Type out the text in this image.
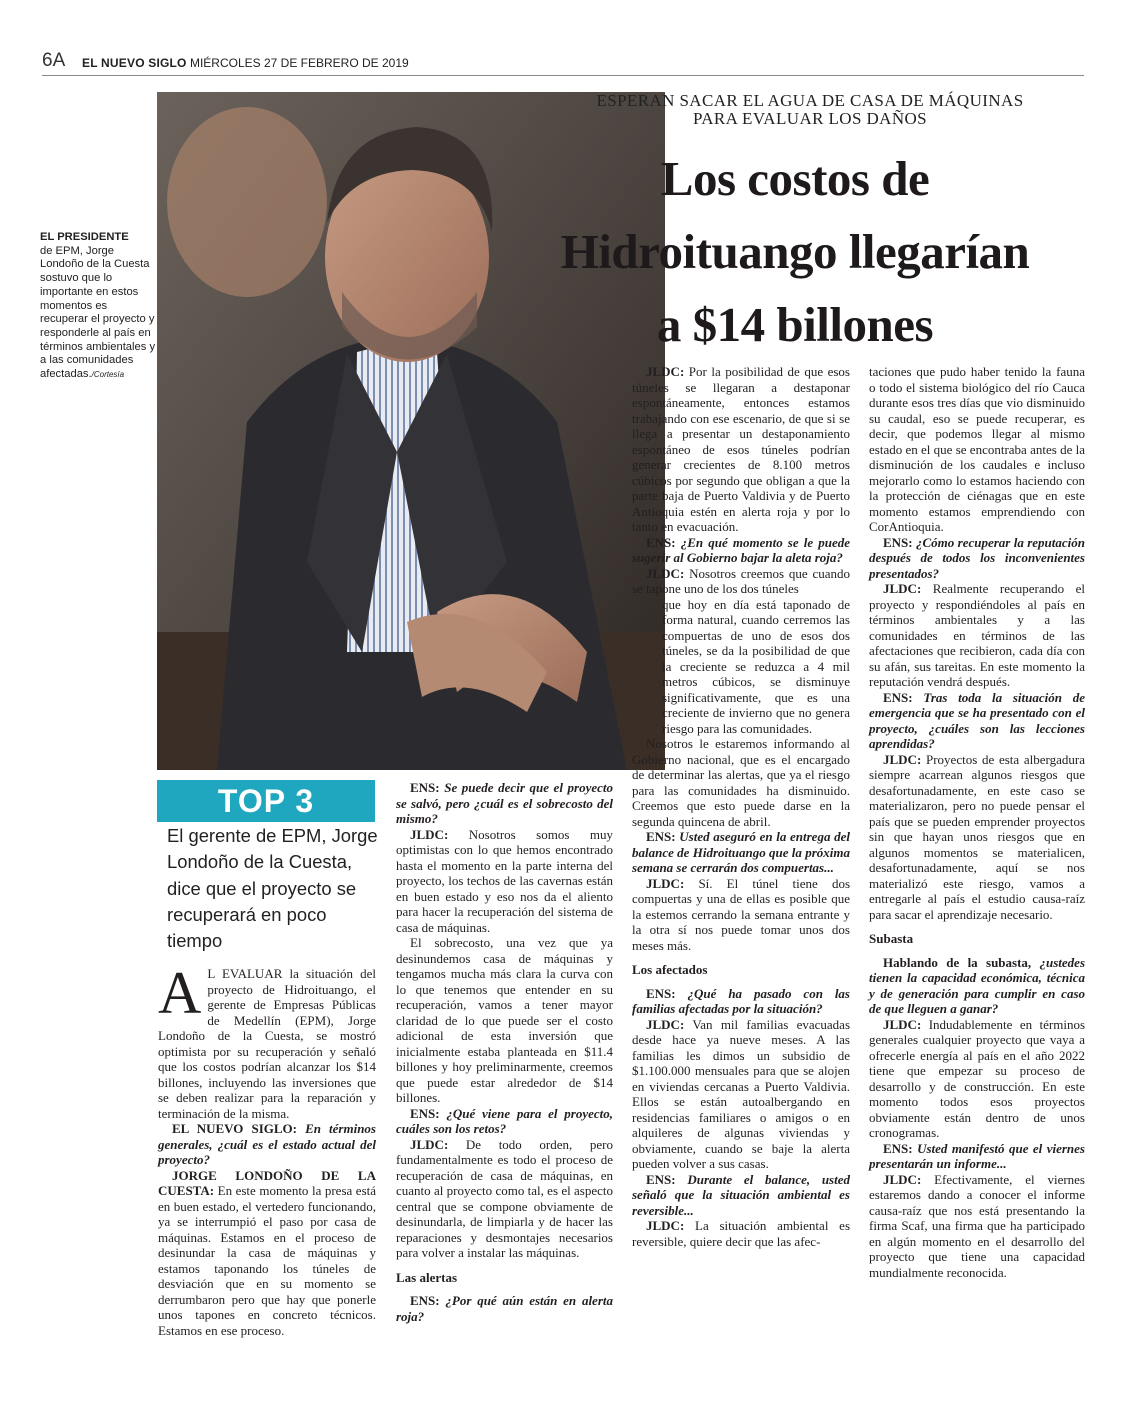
6A EL NUEVO SIGLO MIÉRCOLES 27 DE FEBRERO DE 2019
EL PRESIDENTE
de EPM, Jorge Londoño de la Cuesta sostuvo que lo importante en estos momentos es recuperar el proyecto y responderle al país en términos ambientales y a las comunidades afectadas./Cortesía
ESPERAN SACAR EL AGUA DE CASA DE MÁQUINAS
PARA EVALUAR LOS DAÑOS
Los costos de
Hidroituango llegarían
a $14 billones
TOP 3
El gerente de EPM, Jorge Londoño de la Cuesta, dice que el proyecto se recuperará en poco tiempo

A L EVALUAR la situación del proyecto de Hidroituango, el gerente de Empresas Públicas de Medellín (EPM), Jorge Londoño de la Cuesta, se mostró optimista por su recuperación y señaló que los costos podrían alcanzar los $14 billones, incluyendo las inversiones que se deben realizar para la reparación y terminación de la misma.

EL NUEVO SIGLO: En términos generales, ¿cuál es el estado actual del proyecto?

JORGE LONDOÑO DE LA CUESTA: En este momento la presa está en buen estado, el vertedero funcionando, ya se interrumpió el paso por casa de máquinas. Estamos en el proceso de desinundar la casa de máquinas y estamos taponando los túneles de desviación que en su momento se derrumbaron pero que hay que ponerle unos tapones en concreto técnicos. Estamos en ese proceso.

ENS: Se puede decir que el proyecto se salvó, pero ¿cuál es el sobrecosto del mismo?

JLDC: Nosotros somos muy optimistas con lo que hemos encontrado hasta el momento en la parte interna del proyecto, los techos de las cavernas están en buen estado y eso nos da el aliento para hacer la recuperación del sistema de casa de máquinas.

El sobrecosto, una vez que ya desinundemos casa de máquinas y tengamos mucha más clara la curva con lo que tenemos que entender en su recuperación, vamos a tener mayor claridad de lo que puede ser el costo adicional de esta inversión que inicialmente estaba planteada en $11.4 billones y hoy preliminarmente, creemos que puede estar alrededor de $14 billones.

ENS: ¿Qué viene para el proyecto, cuáles son los retos?

JLDC: De todo orden, pero fundamentalmente es todo el proceso de recuperación de casa de máquinas, en cuanto al proyecto como tal, es el aspecto central que se compone obviamente de desinundarla, de limpiarla y de hacer las reparaciones y desmontajes necesarios para volver a instalar las máquinas.

Las alertas

ENS: ¿Por qué aún están en alerta roja?

JLDC: Por la posibilidad de que esos túneles se llegaran a destaponar espontáneamente, entonces estamos trabajando con ese escenario, de que si se llega a presentar un destaponamiento espontáneo de esos túneles podrían generar crecientes de 8.100 metros cúbicos por segundo que obligan a que la parte baja de Puerto Valdivia y de Puerto Antioquia estén en alerta roja y por lo tanto en evacuación.

ENS: ¿En qué momento se le puede sugerir al Gobierno bajar la aleta roja?

JLDC: Nosotros creemos que cuando se tapone uno de los dos túneles

que hoy en día está taponado de forma natural, cuando cerremos las compuertas de uno de esos dos túneles, se da la posibilidad de que la creciente se reduzca a 4 mil metros cúbicos, se disminuye significativamente, que es una creciente de invierno que no genera riesgo para las comunidades.

Nosotros le estaremos informando al Gobierno nacional, que es el encargado de determinar las alertas, que ya el riesgo para las comunidades ha disminuido. Creemos que esto puede darse en la segunda quincena de abril.

ENS: Usted aseguró en la entrega del balance de Hidroituango que la próxima semana se cerrarán dos compuertas...

JLDC: Sí. El túnel tiene dos compuertas y una de ellas es posible que la estemos cerrando la semana entrante y la otra sí nos puede tomar unos dos meses más.

Los afectados

ENS: ¿Qué ha pasado con las familias afectadas por la situación?

JLDC: Van mil familias evacuadas desde hace ya nueve meses. A las familias les dimos un subsidio de $1.100.000 mensuales para que se alojen en viviendas cercanas a Puerto Valdivia. Ellos se están autoalbergando en residencias familiares o amigos o en alquileres de algunas viviendas y obviamente, cuando se baje la alerta pueden volver a sus casas.

ENS: Durante el balance, usted señaló que la situación ambiental es reversible...

JLDC: La situación ambiental es reversible, quiere decir que las afec-

taciones que pudo haber tenido la fauna o todo el sistema biológico del río Cauca durante esos tres días que vio disminuido su caudal, eso se puede recuperar, es decir, que podemos llegar al mismo estado en el que se encontraba antes de la disminución de los caudales e incluso mejorarlo como lo estamos haciendo con la protección de ciénagas que en este momento estamos emprendiendo con CorAntioquia.

ENS: ¿Cómo recuperar la reputación después de todos los inconvenientes presentados?

JLDC: Realmente recuperando el proyecto y respondiéndoles al país en términos ambientales y a las comunidades en términos de las afectaciones que recibieron, cada día con su afán, sus tareitas. En este momento la reputación vendrá después.

ENS: Tras toda la situación de emergencia que se ha presentado con el proyecto, ¿cuáles son las lecciones aprendidas?

JLDC: Proyectos de esta albergadura siempre acarrean algunos riesgos que desafortunadamente, en este caso se materializaron, pero no puede pensar el país que se pueden emprender proyectos sin que hayan unos riesgos que en algunos momentos se materialicen, desafortunadamente, aquí se nos materializó este riesgo, vamos a entregarle al país el estudio causa-raíz para sacar el aprendizaje necesario.

Subasta

Hablando de la subasta, ¿ustedes tienen la capacidad económica, técnica y de generación para cumplir en caso de que lleguen a ganar?

JLDC: Indudablemente en términos generales cualquier proyecto que vaya a ofrecerle energía al país en el año 2022 tiene que empezar su proceso de desarrollo y de construcción. En este momento todos esos proyectos obviamente están dentro de unos cronogramas.

ENS: Usted manifestó que el viernes presentarán un informe...

JLDC: Efectivamente, el viernes estaremos dando a conocer el informe causa-raíz que nos está presentando la firma Scaf, una firma que ha participado en algún momento en el desarrollo del proyecto que tiene una capacidad mundialmente reconocida.
